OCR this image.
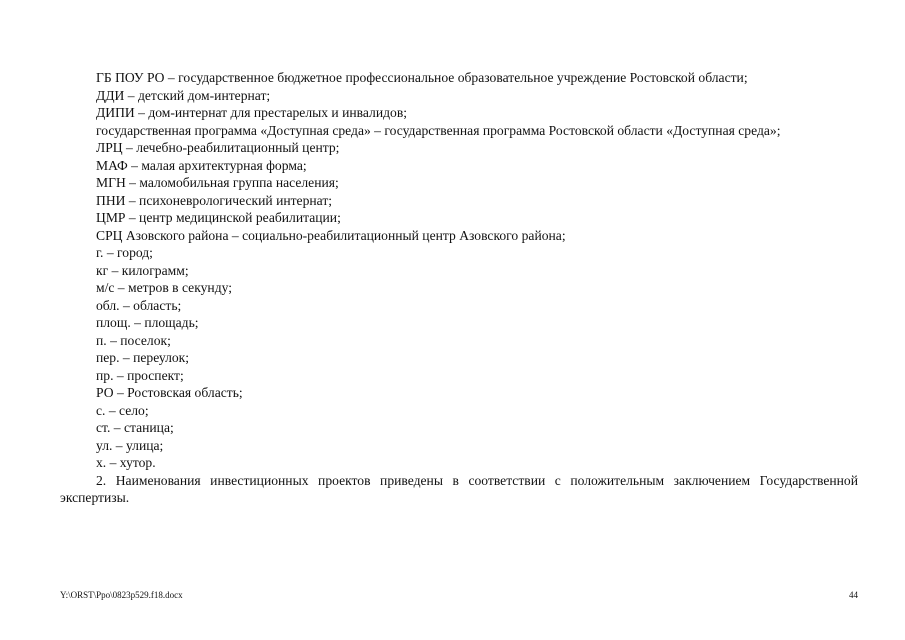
ГБ ПОУ РО – государственное бюджетное профессиональное образовательное учреждение Ростовской области;
ДДИ – детский дом-интернат;
ДИПИ – дом-интернат для престарелых и инвалидов;
государственная программа «Доступная среда» – государственная программа Ростовской области «Доступная среда»;
ЛРЦ – лечебно-реабилитационный центр;
МАФ – малая архитектурная форма;
МГН – маломобильная группа населения;
ПНИ – психоневрологический интернат;
ЦМР – центр медицинской реабилитации;
СРЦ Азовского района – социально-реабилитационный центр Азовского района;
г. – город;
кг – килограмм;
м/с – метров в секунду;
обл. – область;
площ. – площадь;
п. – поселок;
пер. – переулок;
пр. – проспект;
РО – Ростовская область;
с. – село;
ст. – станица;
ул. – улица;
х. – хутор.
2. Наименования инвестиционных проектов приведены в соответствии с положительным заключением Государственной экспертизы.
Y:\ORST\Ppo\0823p529.f18.docx	44
